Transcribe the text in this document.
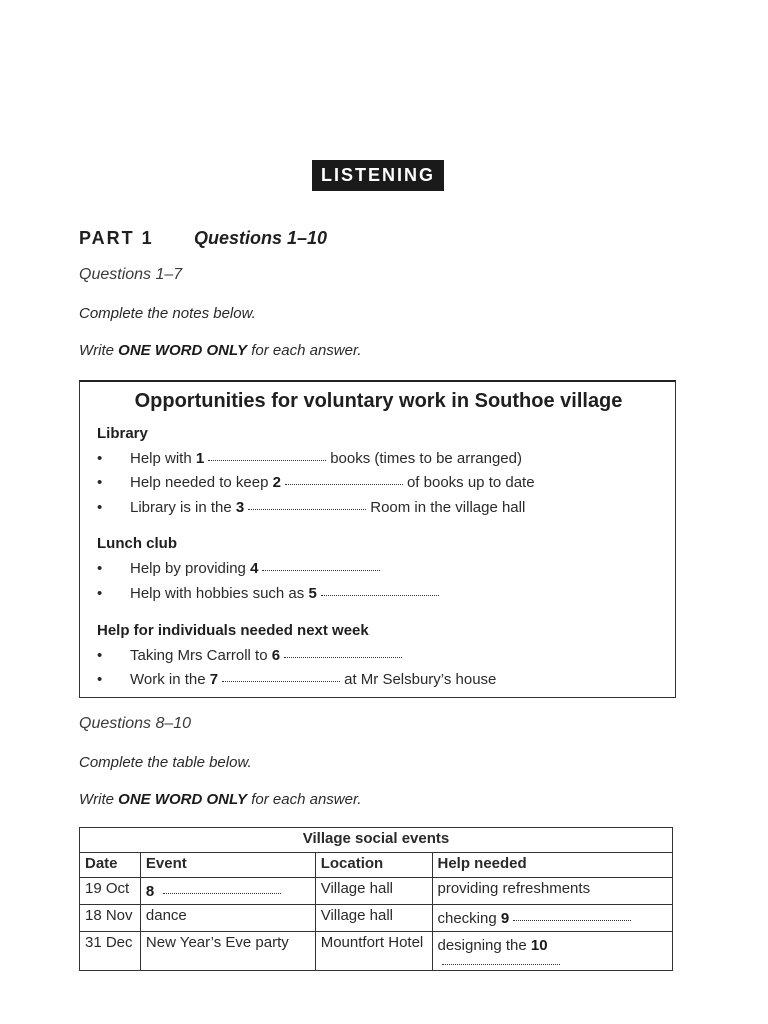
LISTENING
PART 1 Questions 1–10
Questions 1–7
Complete the notes below.
Write ONE WORD ONLY for each answer.
Opportunities for voluntary work in Southoe village
Library
• Help with 1	books (times to be arranged)
• Help needed to keep 2	of books up to date
• Library is in the 3	Room in the village hall
Lunch club
• Help by providing 4
• Help with hobbies such as 5
Help for individuals needed next week
• Taking Mrs Carroll to 6
• Work in the 7	at Mr Selsbury’s house
Questions 8–10
Complete the table below.
Write ONE WORD ONLY for each answer.
Village social events			
Date	Event	Location	Help needed
19 Oct	8	Village hall	providing refreshments
18 Nov	dance	Village hall	checking 9
31 Dec	New Year’s Eve party	Mountfort Hotel	designing the 10
